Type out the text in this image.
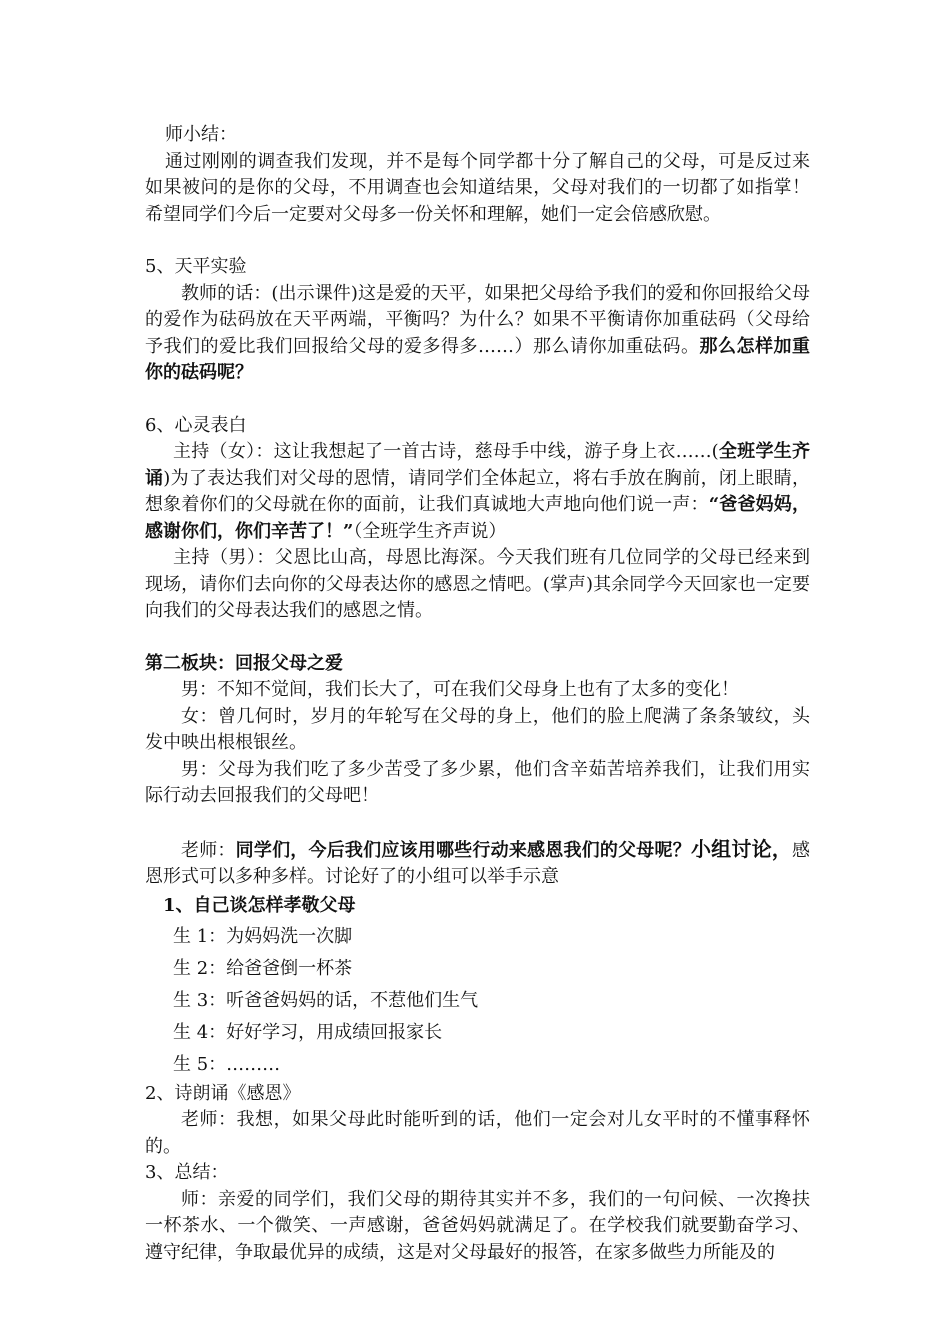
师小结：

通过刚刚的调查我们发现，并不是每个同学都十分了解自己的父母，可是反过来如果被问的是你的父母，不用调查也会知道结果，父母对我们的一切都了如指掌！希望同学们今后一定要对父母多一份关怀和理解，她们一定会倍感欣慰。

5、天平实验

教师的话：(出示课件)这是爱的天平，如果把父母给予我们的爱和你回报给父母的爱作为砝码放在天平两端，平衡吗？为什么？如果不平衡请你加重砝码（父母给予我们的爱比我们回报给父母的爱多得多……）那么请你加重砝码。那么怎样加重你的砝码呢？

6、心灵表白

主持（女）：这让我想起了一首古诗，慈母手中线，游子身上衣……(全班学生齐诵)为了表达我们对父母的恩情，请同学们全体起立，将右手放在胸前，闭上眼睛，想象着你们的父母就在你的面前，让我们真诚地大声地向他们说一声：“爸爸妈妈，感谢你们，你们辛苦了！”（全班学生齐声说）

主持（男）：父恩比山高，母恩比海深。今天我们班有几位同学的父母已经来到现场，请你们去向你的父母表达你的感恩之情吧。(掌声)其余同学今天回家也一定要向我们的父母表达我们的感恩之情。

第二板块：回报父母之爱

男：不知不觉间，我们长大了，可在我们父母身上也有了太多的变化！

女：曾几何时，岁月的年轮写在父母的身上，他们的脸上爬满了条条皱纹，头发中映出根根银丝。

男：父母为我们吃了多少苦受了多少累，他们含辛茹苦培养我们，让我们用实际行动去回报我们的父母吧！

老师：同学们，今后我们应该用哪些行动来感恩我们的父母呢？小组讨论，感恩形式可以多种多样。讨论好了的小组可以举手示意

1、自己谈怎样孝敬父母

生 1：为妈妈洗一次脚

生 2：给爸爸倒一杯茶

生 3：听爸爸妈妈的话，不惹他们生气

生 4：好好学习，用成绩回报家长

生 5：………

2、诗朗诵《感恩》

老师：我想，如果父母此时能听到的话，他们一定会对儿女平时的不懂事释怀的。

3、总结：

师：亲爱的同学们，我们父母的期待其实并不多，我们的一句问候、一次搀扶一杯茶水、一个微笑、一声感谢，爸爸妈妈就满足了。在学校我们就要勤奋学习、遵守纪律，争取最优异的成绩，这是对父母最好的报答，在家多做些力所能及的
